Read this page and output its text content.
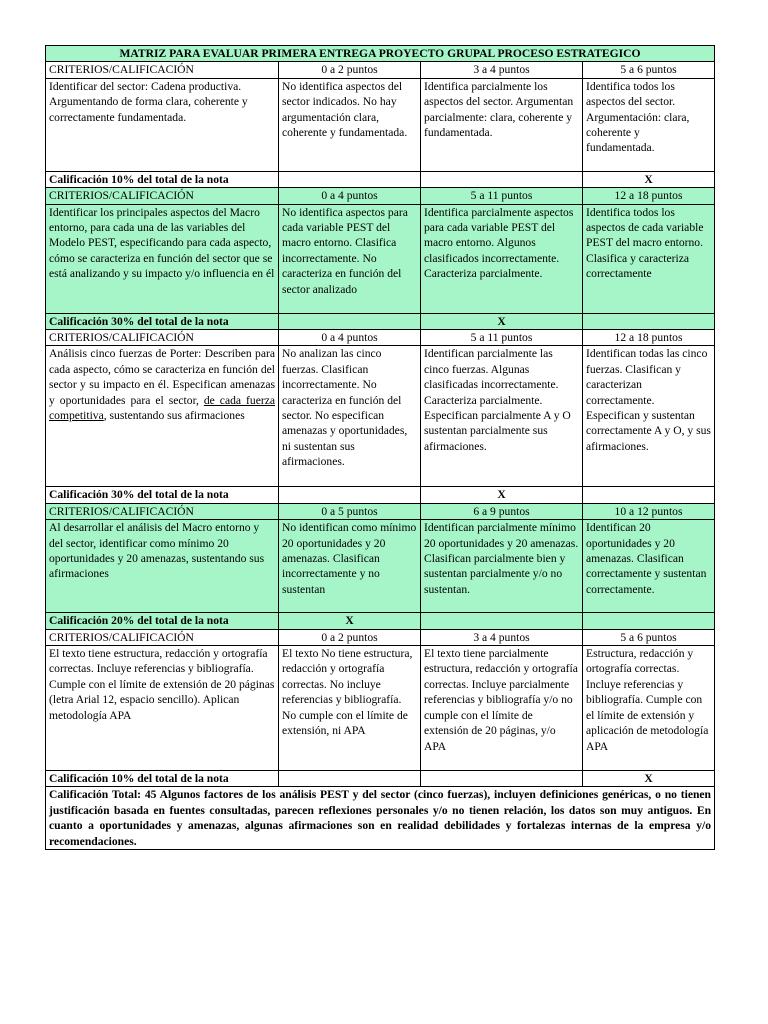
MATRIZ PARA EVALUAR PRIMERA ENTREGA PROYECTO GRUPAL PROCESO ESTRATEGICO			
CRITERIOS/CALIFICACIÓN	0 a 2 puntos	3 a 4 puntos	5 a 6 puntos
Identificar del sector: Cadena productiva. Argumentando de forma clara, coherente y correctamente fundamentada.	No identifica aspectos del sector indicados. No hay argumentación clara, coherente y fundamentada.	Identifica parcialmente los aspectos del sector. Argumentan parcialmente: clara, coherente y fundamentada.	Identifica todos los aspectos del sector. Argumentación: clara, coherente y fundamentada.
Calificación 10% del total de la nota			X
CRITERIOS/CALIFICACIÓN	0 a 4 puntos	5 a 11 puntos	12 a 18 puntos
Identificar los principales aspectos del Macro entorno, para cada una de las variables del Modelo PEST, especificando para cada aspecto, cómo se caracteriza en función del sector que se está analizando y su impacto y/o influencia en él	No identifica aspectos para cada variable PEST del macro entorno. Clasifica incorrectamente. No caracteriza en función del sector analizado	Identifica parcialmente aspectos para cada variable PEST del macro entorno. Algunos clasificados incorrectamente. Caracteriza parcialmente.	Identifica todos los aspectos de cada variable PEST del macro entorno. Clasifica y caracteriza correctamente
Calificación 30% del total de la nota		X	
CRITERIOS/CALIFICACIÓN	0 a 4 puntos	5 a 11 puntos	12 a 18 puntos
Análisis cinco fuerzas de Porter: Describen para cada aspecto, cómo se caracteriza en función del sector y su impacto en él. Especifican amenazas y oportunidades para el sector, de cada fuerza competitiva, sustentando sus afirmaciones	No analizan las cinco fuerzas. Clasifican incorrectamente. No caracteriza en función del sector. No especifican amenazas y oportunidades, ni sustentan sus afirmaciones.	Identifican parcialmente las cinco fuerzas. Algunas clasificadas incorrectamente. Caracteriza parcialmente. Especifican parcialmente A y O sustentan parcialmente sus afirmaciones.	Identifican todas las cinco fuerzas. Clasifican y caracterizan correctamente. Especifican y sustentan correctamente A y O, y sus afirmaciones.
Calificación 30% del total de la nota		X	
CRITERIOS/CALIFICACIÓN	0 a 5 puntos	6 a 9 puntos	10 a 12 puntos
Al desarrollar el análisis del Macro entorno y del sector, identificar como mínimo 20 oportunidades y 20 amenazas, sustentando sus afirmaciones	No identifican como mínimo 20 oportunidades y 20 amenazas. Clasifican incorrectamente y no sustentan	Identifican parcialmente mínimo 20 oportunidades y 20 amenazas. Clasifican parcialmente bien y sustentan parcialmente y/o no sustentan.	Identifican 20 oportunidades y 20 amenazas. Clasifican correctamente y sustentan correctamente.
Calificación 20% del total de la nota	X		
CRITERIOS/CALIFICACIÓN	0 a 2 puntos	3 a 4 puntos	5 a 6 puntos
El texto tiene estructura, redacción y ortografía correctas. Incluye referencias y bibliografía. Cumple con el límite de extensión de 20 páginas (letra Arial 12, espacio sencillo). Aplican metodología APA	El texto No tiene estructura, redacción y ortografía correctas. No incluye referencias y bibliografía. No cumple con el límite de extensión, ni APA	El texto tiene parcialmente estructura, redacción y ortografía correctas. Incluye parcialmente referencias y bibliografía y/o no cumple con el límite de extensión de 20 páginas, y/o APA	Estructura, redacción y ortografía correctas. Incluye referencias y bibliografía. Cumple con el límite de extensión y aplicación de metodología APA
Calificación 10% del total de la nota			X
Calificación Total: 45 Algunos factores de los análisis PEST y del sector (cinco fuerzas), incluyen definiciones genéricas, o no tienen justificación basada en fuentes consultadas, parecen reflexiones personales y/o no tienen relación, los datos son muy antiguos. En cuanto a oportunidades y amenazas, algunas afirmaciones son en realidad debilidades y fortalezas internas de la empresa y/o recomendaciones.			
